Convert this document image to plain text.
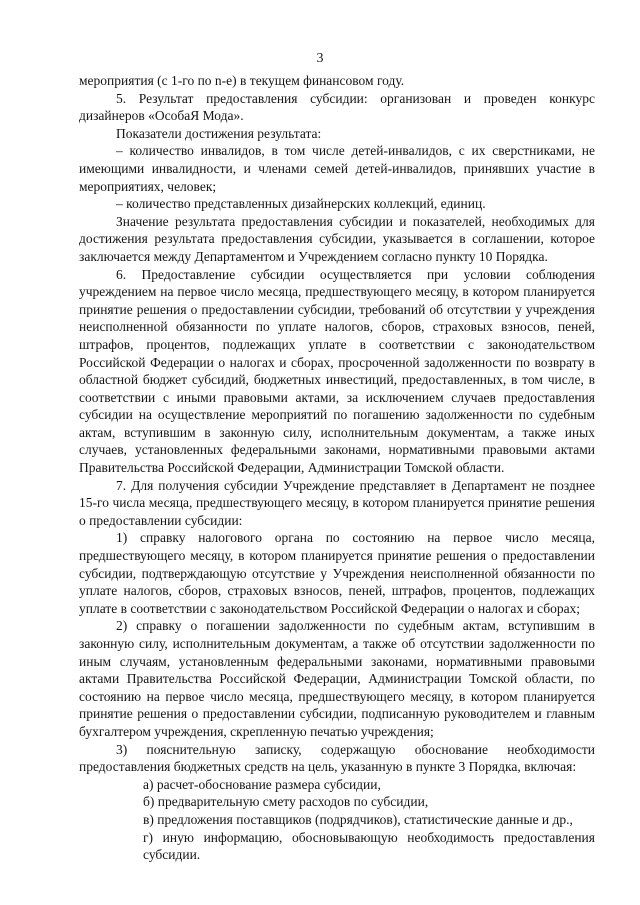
3

мероприятия (с 1-го по n-е) в текущем финансовом году.

5. Результат предоставления субсидии: организован и проведен конкурс дизайнеров «ОсобаЯ Мода».

Показатели достижения результата:

– количество инвалидов, в том числе детей-инвалидов, с их сверстниками, не имеющими инвалидности, и членами семей детей-инвалидов, принявших участие в мероприятиях, человек;

– количество представленных дизайнерских коллекций, единиц.

Значение результата предоставления субсидии и показателей, необходимых для достижения результата предоставления субсидии, указывается в соглашении, которое заключается между Департаментом и Учреждением согласно пункту 10 Порядка.

6. Предоставление субсидии осуществляется при условии соблюдения учреждением на первое число месяца, предшествующего месяцу, в котором планируется принятие решения о предоставлении субсидии, требований об отсутствии у учреждения неисполненной обязанности по уплате налогов, сборов, страховых взносов, пеней, штрафов, процентов, подлежащих уплате в соответствии с законодательством Российской Федерации о налогах и сборах, просроченной задолженности по возврату в областной бюджет субсидий, бюджетных инвестиций, предоставленных, в том числе, в соответствии с иными правовыми актами, за исключением случаев предоставления субсидии на осуществление мероприятий по погашению задолженности по судебным актам, вступившим в законную силу, исполнительным документам, а также иных случаев, установленных федеральными законами, нормативными правовыми актами Правительства Российской Федерации, Администрации Томской области.

7. Для получения субсидии Учреждение представляет в Департамент не позднее 15-го числа месяца, предшествующего месяцу, в котором планируется принятие решения о предоставлении субсидии:

1) справку налогового органа по состоянию на первое число месяца, предшествующего месяцу, в котором планируется принятие решения о предоставлении субсидии, подтверждающую отсутствие у Учреждения неисполненной обязанности по уплате налогов, сборов, страховых взносов, пеней, штрафов, процентов, подлежащих уплате в соответствии с законодательством Российской Федерации о налогах и сборах;

2) справку о погашении задолженности по судебным актам, вступившим в законную силу, исполнительным документам, а также об отсутствии задолженности по иным случаям, установленным федеральными законами, нормативными правовыми актами Правительства Российской Федерации, Администрации Томской области, по состоянию на первое число месяца, предшествующего месяцу, в котором планируется принятие решения о предоставлении субсидии, подписанную руководителем и главным бухгалтером учреждения, скрепленную печатью учреждения;

3) пояснительную записку, содержащую обоснование необходимости предоставления бюджетных средств на цель, указанную в пункте 3 Порядка, включая:

а) расчет-обоснование размера субсидии,

б) предварительную смету расходов по субсидии,

в) предложения поставщиков (подрядчиков), статистические данные и др.,

г) иную информацию, обосновывающую необходимость предоставления субсидии.
